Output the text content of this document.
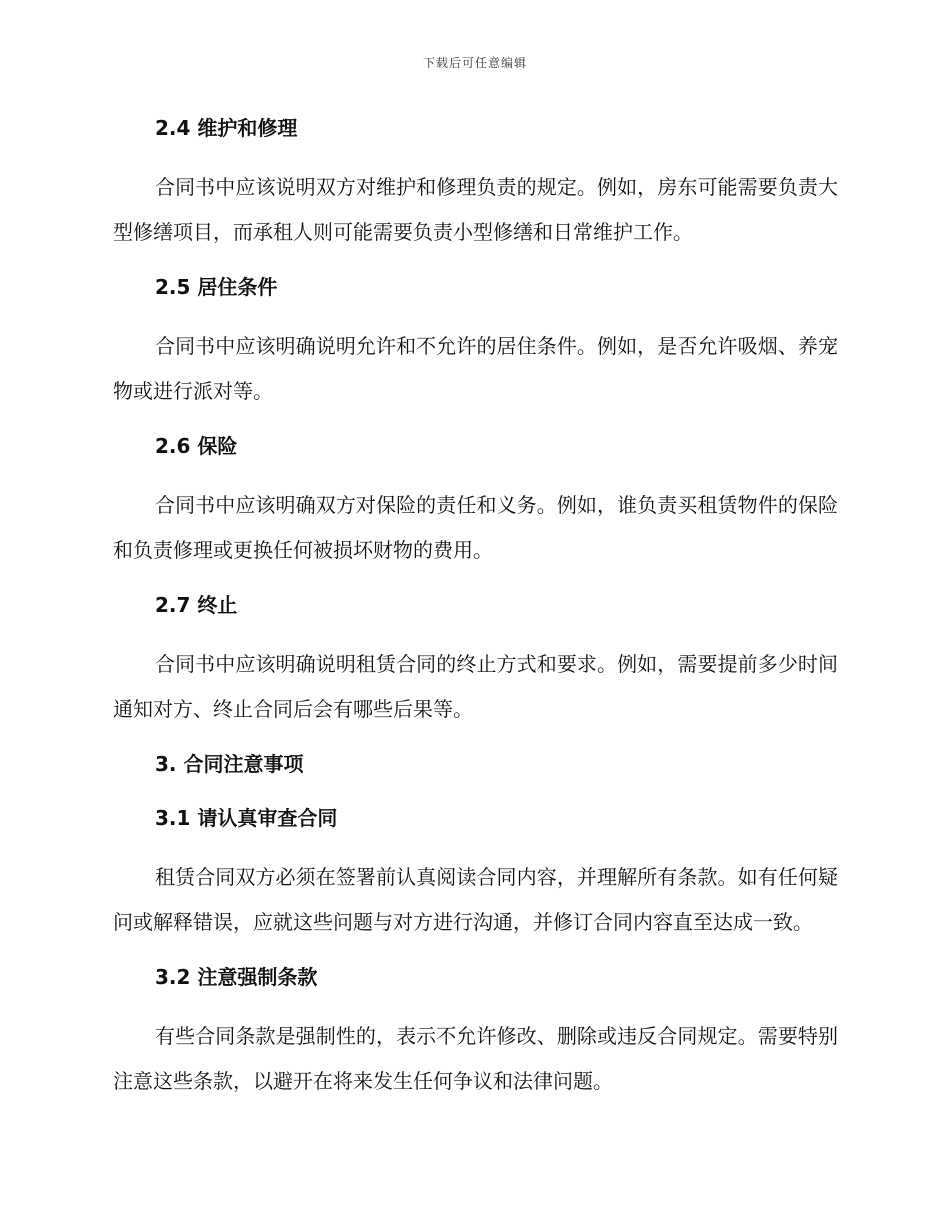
下载后可任意编辑
2.4 维护和修理

合同书中应该说明双方对维护和修理负责的规定。例如，房东可能需要负责大型修缮项目，而承租人则可能需要负责小型修缮和日常维护工作。

2.5 居住条件

合同书中应该明确说明允许和不允许的居住条件。例如，是否允许吸烟、养宠物或进行派对等。

2.6 保险

合同书中应该明确双方对保险的责任和义务。例如，谁负责买租赁物件的保险和负责修理或更换任何被损坏财物的费用。

2.7 终止

合同书中应该明确说明租赁合同的终止方式和要求。例如，需要提前多少时间通知对方、终止合同后会有哪些后果等。

3. 合同注意事项
3.1 请认真审查合同

租赁合同双方必须在签署前认真阅读合同内容，并理解所有条款。如有任何疑问或解释错误，应就这些问题与对方进行沟通，并修订合同内容直至达成一致。

3.2 注意强制条款

有些合同条款是强制性的，表示不允许修改、删除或违反合同规定。需要特别注意这些条款，以避开在将来发生任何争议和法律问题。
